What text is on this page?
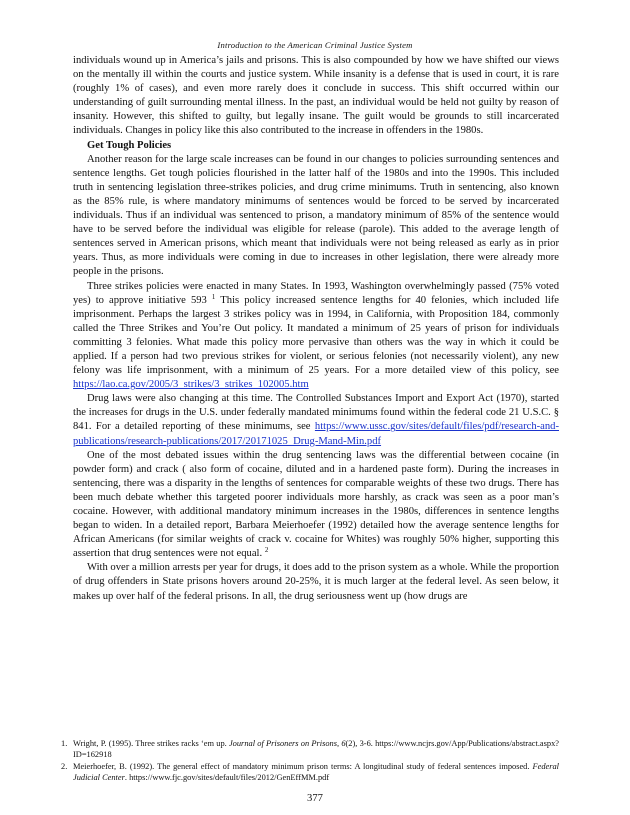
Introduction to the American Criminal Justice System

individuals wound up in America’s jails and prisons. This is also compounded by how we have shifted our views on the mentally ill within the courts and justice system. While insanity is a defense that is used in court, it is rare (roughly 1% of cases), and even more rarely does it conclude in success. This shift occurred within our understanding of guilt surrounding mental illness. In the past, an individual would be held not guilty by reason of insanity. However, this shifted to guilty, but legally insane. The guilt would be grounds to still incarcerated individuals. Changes in policy like this also contributed to the increase in offenders in the 1980s.

Get Tough Policies

Another reason for the large scale increases can be found in our changes to policies surrounding sentences and sentence lengths. Get tough policies flourished in the latter half of the 1980s and into the 1990s. This included truth in sentencing legislation three-strikes policies, and drug crime minimums. Truth in sentencing, also known as the 85% rule, is where mandatory minimums of sentences would be forced to be served by incarcerated individuals. Thus if an individual was sentenced to prison, a mandatory minimum of 85% of the sentence would have to be served before the individual was eligible for release (parole). This added to the average length of sentences served in American prisons, which meant that individuals were not being released as early as in prior years. Thus, as more individuals were coming in due to increases in other legislation, there were already more people in the prisons.

Three strikes policies were enacted in many States. In 1993, Washington overwhelmingly passed (75% voted yes) to approve initiative 593 $^1$ This policy increased sentence lengths for 40 felonies, which included life imprisonment. Perhaps the largest 3 strikes policy was in 1994, in California, with Proposition 184, commonly called the Three Strikes and You’re Out policy. It mandated a minimum of 25 years of prison for individuals committing 3 felonies. What made this policy more pervasive than others was the way in which it could be applied. If a person had two previous strikes for violent, or serious felonies (not necessarily violent), any new felony was life imprisonment, with a minimum of 25 years. For a more detailed view of this policy, see https://lao.ca.gov/2005/3_strikes/3_strikes_102005.htm

Drug laws were also changing at this time. The Controlled Substances Import and Export Act (1970), started the increases for drugs in the U.S. under federally mandated minimums found within the federal code 21 U.S.C. § 841. For a detailed reporting of these minimums, see https://www.ussc.gov/sites/default/files/pdf/research-and-publications/research-publications/2017/20171025_Drug-Mand-Min.pdf

One of the most debated issues within the drug sentencing laws was the differential between cocaine (in powder form) and crack ( also form of cocaine, diluted and in a hardened paste form). During the increases in sentencing, there was a disparity in the lengths of sentences for comparable weights of these two drugs. There has been much debate whether this targeted poorer individuals more harshly, as crack was seen as a poor man’s cocaine. However, with additional mandatory minimum increases in the 1980s, differences in sentence lengths began to widen. In a detailed report, Barbara Meierhoefer (1992) detailed how the average sentence lengths for African Americans (for similar weights of crack v. cocaine for Whites) was roughly 50% higher, supporting this assertion that drug sentences were not equal. $^2$

With over a million arrests per year for drugs, it does add to the prison system as a whole. While the proportion of drug offenders in State prisons hovers around 20-25%, it is much larger at the federal level. As seen below, it makes up over half of the federal prisons. In all, the drug seriousness went up (how drugs are

1. Wright, P. (1995). Three strikes racks ‘em up. Journal of Prisoners on Prisons, 6(2), 3-6. https://www.ncjrs.gov/App/Publications/abstract.aspx?ID=162918

2. Meierhoefer, B. (1992). The general effect of mandatory minimum prison terms: A longitudinal study of federal sentences imposed. Federal Judicial Center. https://www.fjc.gov/sites/default/files/2012/GenEffMM.pdf

377
